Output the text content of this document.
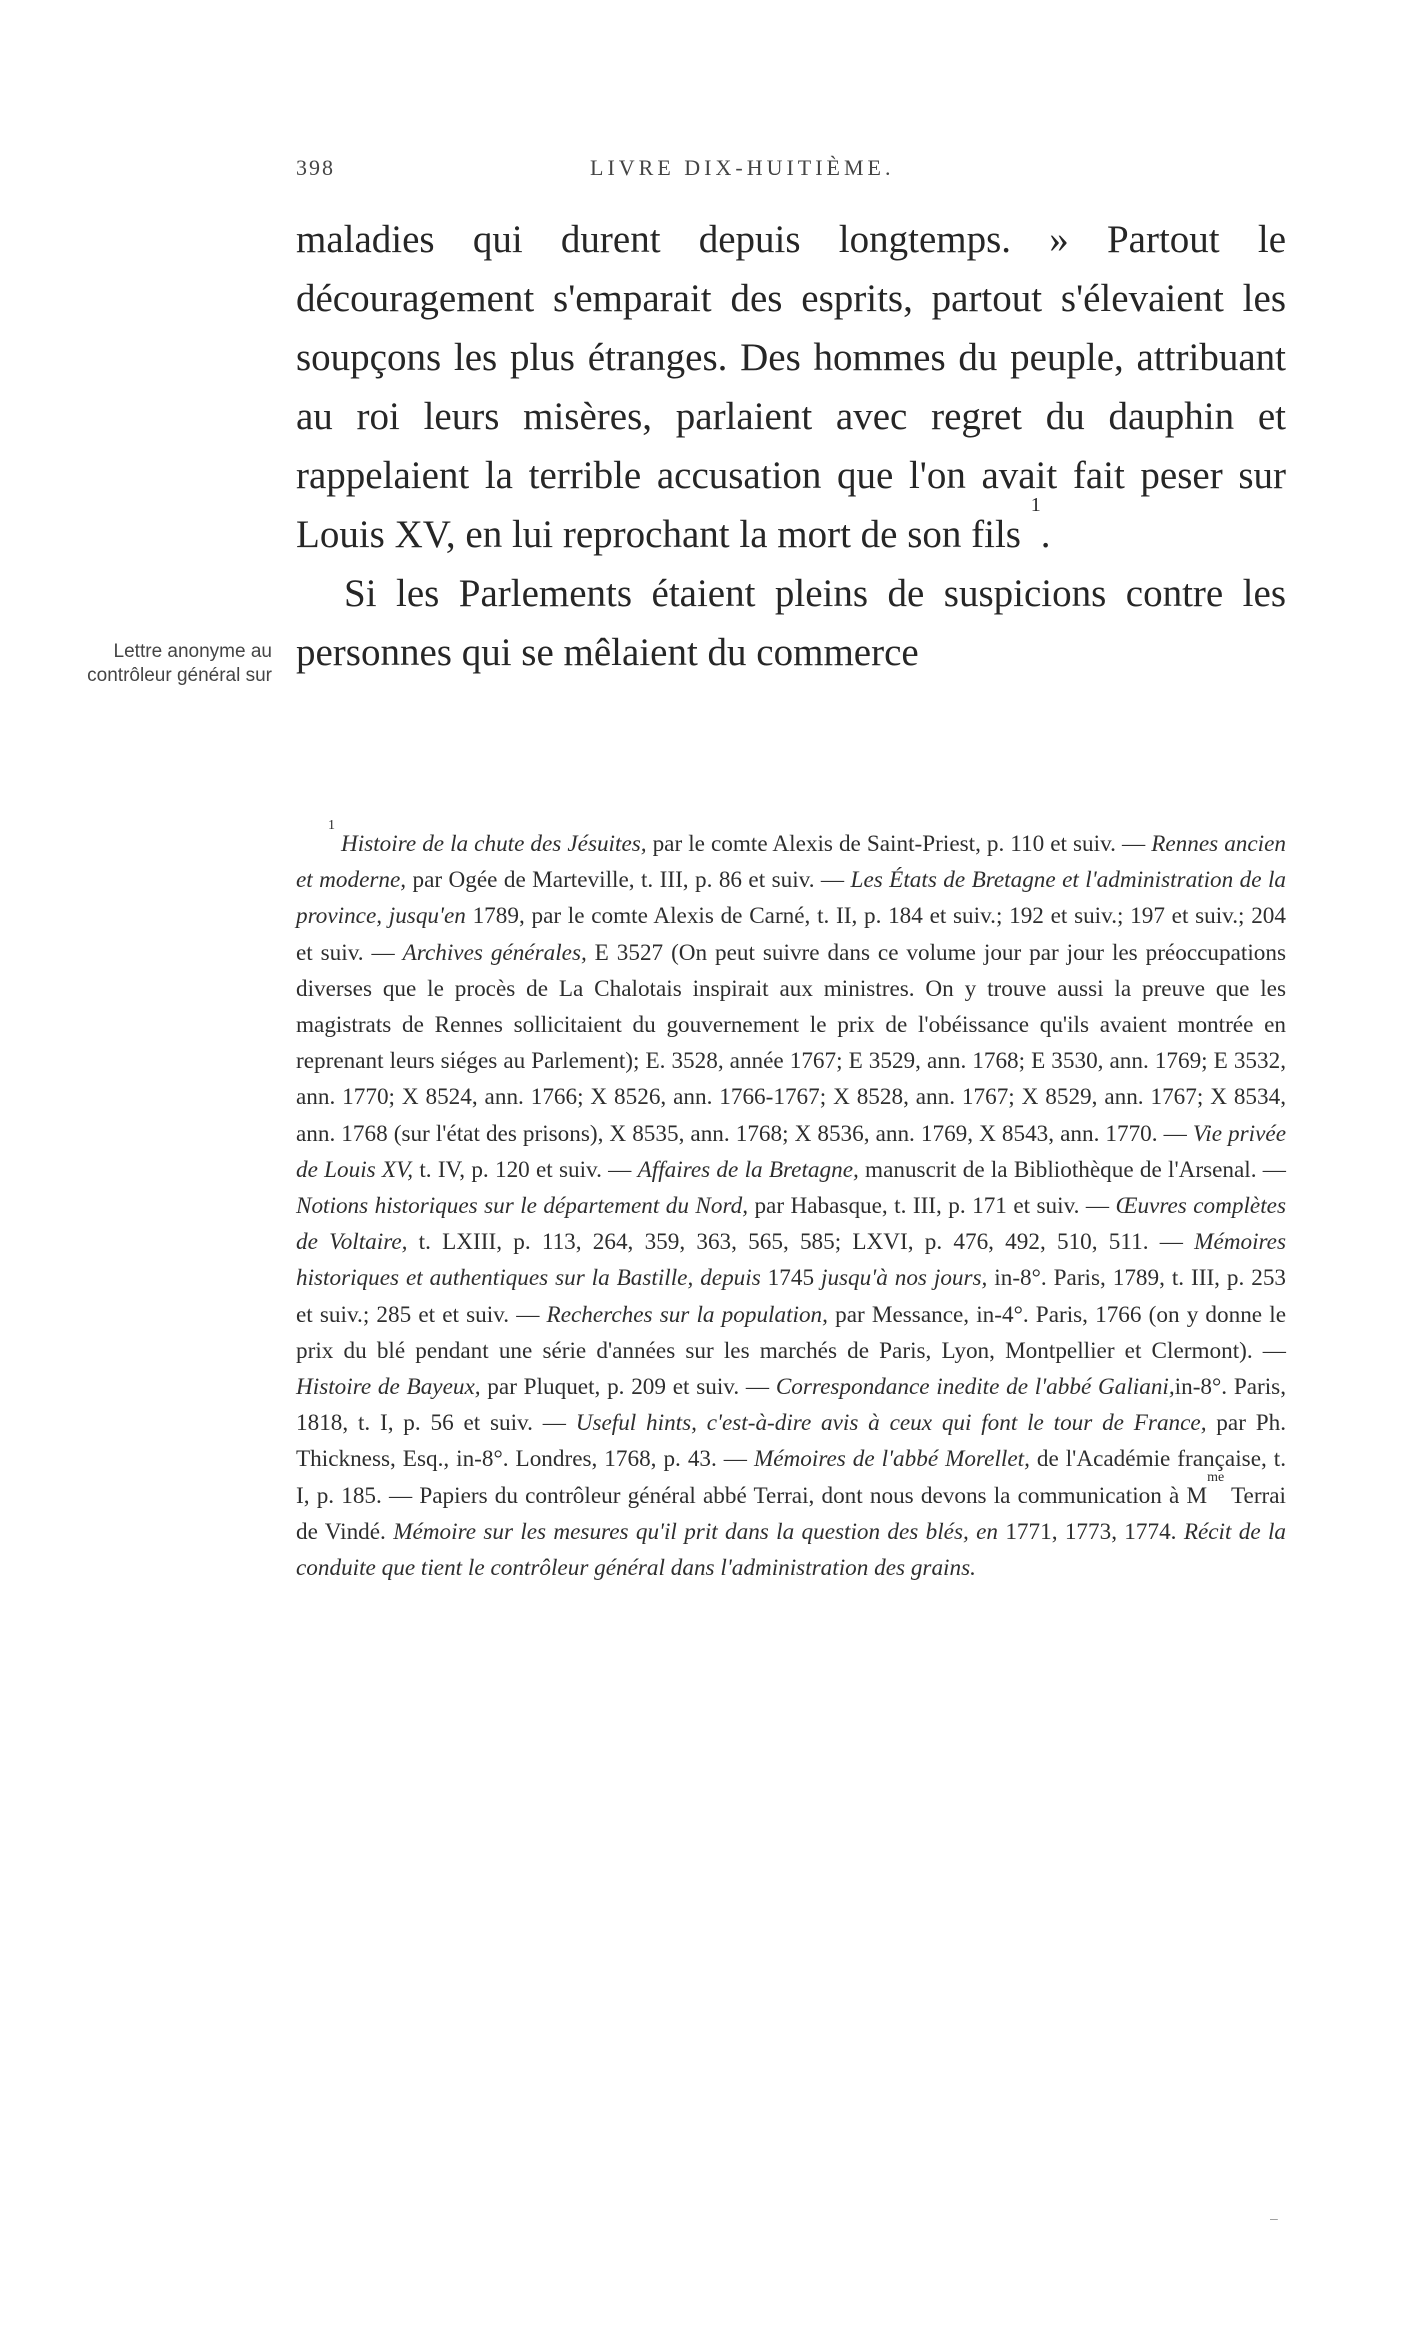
398	LIVRE DIX-HUITIÈME.
Lettre anonyme au contrôleur général sur

maladies qui durent depuis longtemps. » Partout le découragement s'emparait des esprits, partout s'élevaient les soupçons les plus étranges. Des hommes du peuple, attribuant au roi leurs misères, parlaient avec regret du dauphin et rappelaient la terrible accusation que l'on avait fait peser sur Louis XV, en lui reprochant la mort de son fils $^1$.

Si les Parlements étaient pleins de suspicions contre les personnes qui se mêlaient du commerce

$^1$ Histoire de la chute des Jésuites, par le comte Alexis de Saint-Priest, p. 110 et suiv. — Rennes ancien et moderne, par Ogée de Marteville, t. III, p. 86 et suiv. — Les États de Bretagne et l'administration de la province, jusqu'en 1789, par le comte Alexis de Carné, t. II, p. 184 et suiv.; 192 et suiv.; 197 et suiv.; 204 et suiv. — Archives générales, E 3527 (On peut suivre dans ce volume jour par jour les préoccupations diverses que le procès de La Chalotais inspirait aux ministres. On y trouve aussi la preuve que les magistrats de Rennes sollicitaient du gouvernement le prix de l'obéissance qu'ils avaient montrée en reprenant leurs siéges au Parlement); E. 3528, année 1767; E 3529, ann. 1768; E 3530, ann. 1769; E 3532, ann. 1770; X 8524, ann. 1766; X 8526, ann. 1766-1767; X 8528, ann. 1767; X 8529, ann. 1767; X 8534, ann. 1768 (sur l'état des prisons), X 8535, ann. 1768; X 8536, ann. 1769, X 8543, ann. 1770. — Vie privée de Louis XV, t. IV, p. 120 et suiv. — Affaires de la Bretagne, manuscrit de la Bibliothèque de l'Arsenal. — Notions historiques sur le département du Nord, par Habasque, t. III, p. 171 et suiv. — Œuvres complètes de Voltaire, t. LXIII, p. 113, 264, 359, 363, 565, 585; LXVI, p. 476, 492, 510, 511. — Mémoires historiques et authentiques sur la Bastille, depuis 1745 jusqu'à nos jours, in-8°. Paris, 1789, t. III, p. 253 et suiv.; 285 et et suiv. — Recherches sur la population, par Messance, in-4°. Paris, 1766 (on y donne le prix du blé pendant une série d'années sur les marchés de Paris, Lyon, Montpellier et Clermont). — Histoire de Bayeux, par Pluquet, p. 209 et suiv. — Correspondance inedite de l'abbé Galiani,in-8°. Paris, 1818, t. I, p. 56 et suiv. — Useful hints, c'est-à-dire avis à ceux qui font le tour de France, par Ph. Thickness, Esq., in-8°. Londres, 1768, p. 43. — Mémoires de l'abbé Morellet, de l'Académie française, t. I, p. 185. — Papiers du contrôleur général abbé Terrai, dont nous devons la communication à $M^{me}$ Terrai de Vindé. Mémoire sur les mesures qu'il prit dans la question des blés, en 1771, 1773, 1774. Récit de la conduite que tient le contrôleur général dans l'administration des grains.

–
